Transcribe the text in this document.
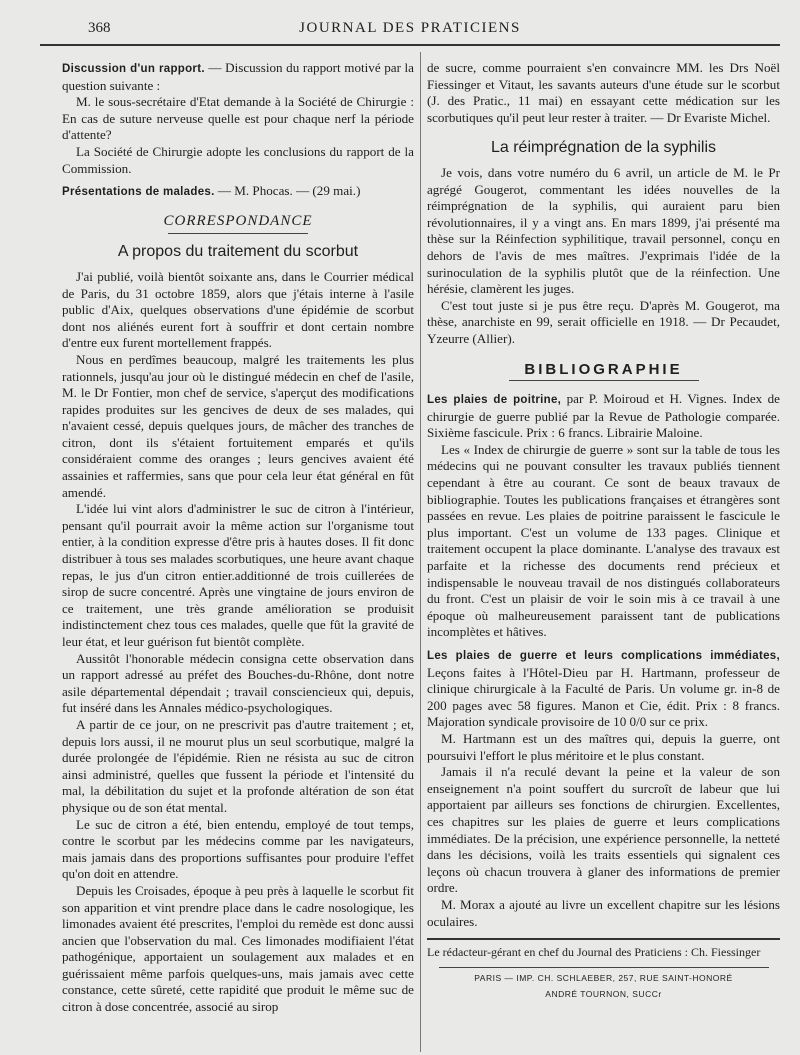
368	JOURNAL DES PRATICIENS

Discussion d'un rapport. — Discussion du rapport motivé par la question suivante :

M. le sous-secrétaire d'Etat demande à la Société de Chirurgie : En cas de suture nerveuse quelle est pour chaque nerf la période d'attente?

La Société de Chirurgie adopte les conclusions du rapport de la Commission.

Présentations de malades. — M. Phocas. — (29 mai.)

CORRESPONDANCE
A propos du traitement du scorbut

J'ai publié, voilà bientôt soixante ans, dans le Courrier médical de Paris, du 31 octobre 1859, alors que j'étais interne à l'asile public d'Aix, quelques observations d'une épidémie de scorbut dont nos aliénés eurent fort à souffrir et dont certain nombre d'entre eux furent mortellement frappés.

Nous en perdîmes beaucoup, malgré les traitements les plus rationnels, jusqu'au jour où le distingué médecin en chef de l'asile, M. le Dr Fontier, mon chef de service, s'aperçut des modifications rapides produites sur les gencives de deux de ses malades, qui n'avaient cessé, depuis quelques jours, de mâcher des tranches de citron, dont ils s'étaient fortuitement emparés et qu'ils considéraient comme des oranges ; leurs gencives avaient été assainies et raffermies, sans que pour cela leur état général en fût amendé.

L'idée lui vint alors d'administrer le suc de citron à l'intérieur, pensant qu'il pourrait avoir la même action sur l'organisme tout entier, à la condition expresse d'être pris à hautes doses. Il fit donc distribuer à tous ses malades scorbutiques, une heure avant chaque repas, le jus d'un citron entier.additionné de trois cuillerées de sirop de sucre concentré. Après une vingtaine de jours environ de ce traitement, une très grande amélioration se produisit indistinctement chez tous ces malades, quelle que fût la gravité de leur état, et leur guérison fut bientôt complète.

Aussitôt l'honorable médecin consigna cette observation dans un rapport adressé au préfet des Bouches-du-Rhône, dont notre asile départemental dépendait ; travail consciencieux qui, depuis, fut inséré dans les Annales médico-psychologiques.

A partir de ce jour, on ne prescrivit pas d'autre traitement ; et, depuis lors aussi, il ne mourut plus un seul scorbutique, malgré la durée prolongée de l'épidémie. Rien ne résista au suc de citron ainsi administré, quelles que fussent la période et l'intensité du mal, la débilitation du sujet et la profonde altération de son état physique ou de son état mental.

Le suc de citron a été, bien entendu, employé de tout temps, contre le scorbut par les médecins comme par les navigateurs, mais jamais dans des proportions suffisantes pour produire l'effet qu'on doit en attendre.

Depuis les Croisades, époque à peu près à laquelle le scorbut fit son apparition et vint prendre place dans le cadre nosologique, les limonades avaient été prescrites, l'emploi du remède est donc aussi ancien que l'observation du mal. Ces limonades modifiaient l'état pathogénique, apportaient un soulagement aux malades et en guérissaient même parfois quelques-uns, mais jamais avec cette constance, cette sûreté, cette rapidité que produit le même suc de citron à dose concentrée, associé au sirop

de sucre, comme pourraient s'en convaincre MM. les Drs Noël Fiessinger et Vitaut, les savants auteurs d'une étude sur le scorbut (J. des Pratic., 11 mai) en essayant cette médication sur les scorbutiques qu'il peut leur rester à traiter. — Dr Evariste Michel.

La réimprégnation de la syphilis

Je vois, dans votre numéro du 6 avril, un article de M. le Pr agrégé Gougerot, commentant les idées nouvelles de la réimprégnation de la syphilis, qui auraient paru bien révolutionnaires, il y a vingt ans. En mars 1899, j'ai présenté ma thèse sur la Réinfection syphilitique, travail personnel, conçu en dehors de l'avis de mes maîtres. J'exprimais l'idée de la surinoculation de la syphilis plutôt que de la réinfection. Une hérésie, clamèrent les juges.

C'est tout juste si je pus être reçu. D'après M. Gougerot, ma thèse, anarchiste en 99, serait officielle en 1918. — Dr Pecaudet, Yzeurre (Allier).

BIBLIOGRAPHIE

Les plaies de poitrine, par P. Moiroud et H. Vignes. Index de chirurgie de guerre publié par la Revue de Pathologie comparée. Sixième fascicule. Prix : 6 francs. Librairie Maloine.

Les « Index de chirurgie de guerre » sont sur la table de tous les médecins qui ne pouvant consulter les travaux publiés tiennent cependant à être au courant. Ce sont de beaux travaux de bibliographie. Toutes les publications françaises et étrangères sont passées en revue. Les plaies de poitrine paraissent le fascicule le plus important. C'est un volume de 133 pages. Clinique et traitement occupent la place dominante. L'analyse des travaux est parfaite et la richesse des documents rend précieux et indispensable le nouveau travail de nos distingués collaborateurs du front. C'est un plaisir de voir le soin mis à ce travail à une époque où malheureusement paraissent tant de publications incomplètes et hâtives.

Les plaies de guerre et leurs complications immédiates, Leçons faites à l'Hôtel-Dieu par H. Hartmann, professeur de clinique chirurgicale à la Faculté de Paris. Un volume gr. in-8 de 200 pages avec 58 figures. Manon et Cie, édit. Prix : 8 francs. Majoration syndicale provisoire de 10 0/0 sur ce prix.

M. Hartmann est un des maîtres qui, depuis la guerre, ont poursuivi l'effort le plus méritoire et le plus constant.

Jamais il n'a reculé devant la peine et la valeur de son enseignement n'a point souffert du surcroît de labeur que lui apportaient par ailleurs ses fonctions de chirurgien. Excellentes, ces chapitres sur les plaies de guerre et leurs complications immédiates. De la précision, une expérience personnelle, la netteté dans les décisions, voilà les traits essentiels qui signalent ces leçons où chacun trouvera à glaner des informations de premier ordre.

M. Morax a ajouté au livre un excellent chapitre sur les lésions oculaires.

Le rédacteur-gérant en chef du Journal des Praticiens : Ch. Fiessinger

PARIS — IMP. CH. SCHLAEBER, 257, RUE SAINT-HONORÉ
ANDRÉ TOURNON, SUCCr
